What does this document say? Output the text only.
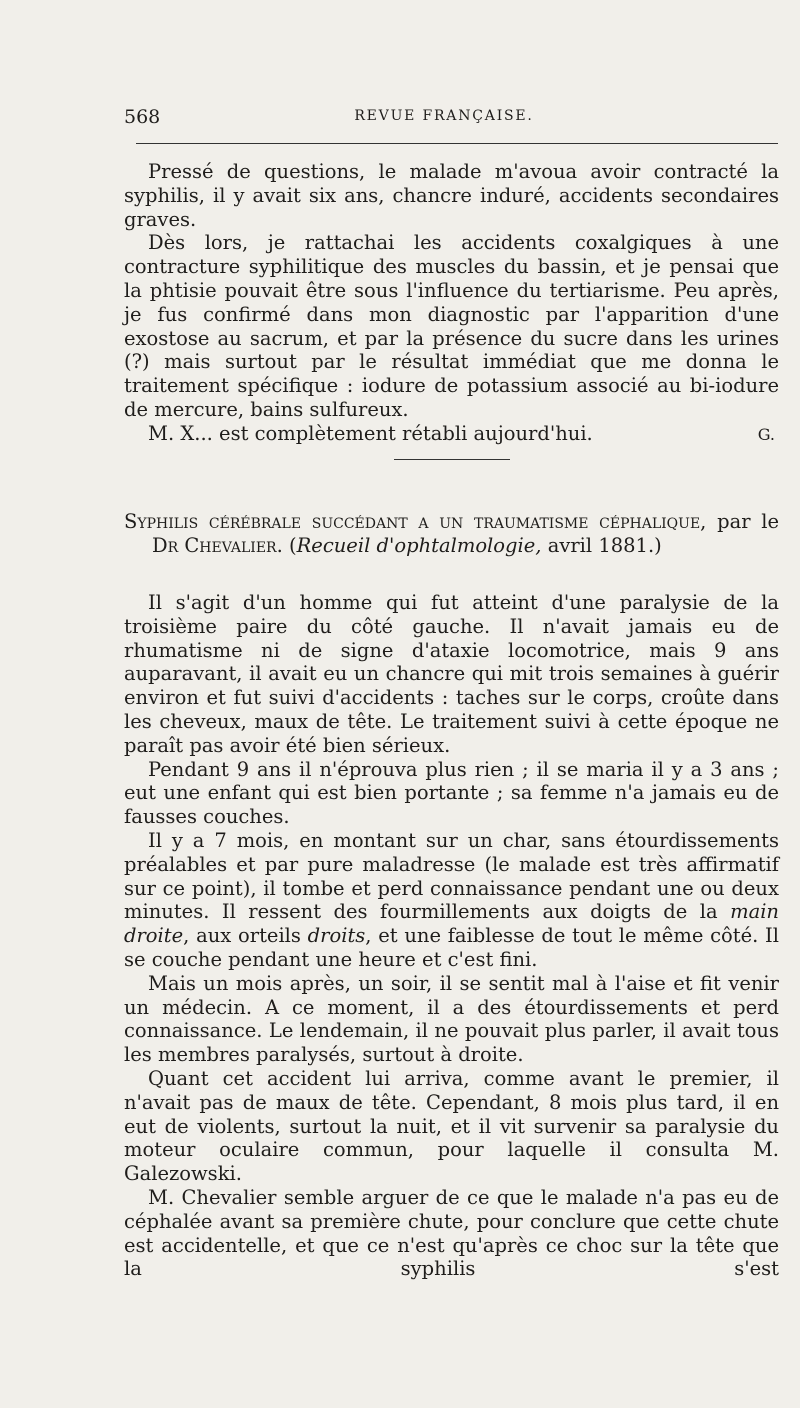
568	REVUE FRANÇAISE.

Pressé de questions, le malade m'avoua avoir contracté la syphilis, il y avait six ans, chancre induré, accidents secondaires graves.

Dès lors, je rattachai les accidents coxalgiques à une contracture syphilitique des muscles du bassin, et je pensai que la phtisie pouvait être sous l'influence du tertiarisme. Peu après, je fus confirmé dans mon diagnostic par l'apparition d'une exostose au sacrum, et par la présence du sucre dans les urines (?) mais surtout par le résultat immédiat que me donna le traitement spécifique : iodure de potassium associé au bi-iodure de mercure, bains sulfureux.

M. X... est complètement rétabli aujourd'hui.	G.

Syphilis cérébrale succédant a un traumatisme céphalique, par le

Dr Chevalier. (Recueil d'ophtalmologie, avril 1881.)

Il s'agit d'un homme qui fut atteint d'une paralysie de la troisième paire du côté gauche. Il n'avait jamais eu de rhumatisme ni de signe d'ataxie locomotrice, mais 9 ans auparavant, il avait eu un chancre qui mit trois semaines à guérir environ et fut suivi d'accidents : taches sur le corps, croûte dans les cheveux, maux de tête. Le traitement suivi à cette époque ne paraît pas avoir été bien sérieux.

Pendant 9 ans il n'éprouva plus rien ; il se maria il y a 3 ans ; eut une enfant qui est bien portante ; sa femme n'a jamais eu de fausses couches.

Il y a 7 mois, en montant sur un char, sans étourdissements préalables et par pure maladresse (le malade est très affirmatif sur ce point), il tombe et perd connaissance pendant une ou deux minutes. Il ressent des fourmillements aux doigts de la main droite, aux orteils droits, et une faiblesse de tout le même côté. Il se couche pendant une heure et c'est fini.

Mais un mois après, un soir, il se sentit mal à l'aise et fit venir un médecin. A ce moment, il a des étourdissements et perd connaissance. Le lendemain, il ne pouvait plus parler, il avait tous les membres paralysés, surtout à droite.

Quant cet accident lui arriva, comme avant le premier, il n'avait pas de maux de tête. Cependant, 8 mois plus tard, il en eut de violents, surtout la nuit, et il vit survenir sa paralysie du moteur oculaire commun, pour laquelle il consulta M. Galezowski.

M. Chevalier semble arguer de ce que le malade n'a pas eu de céphalée avant sa première chute, pour conclure que cette chute est accidentelle, et que ce n'est qu'après ce choc sur la tête que la syphilis s'est
